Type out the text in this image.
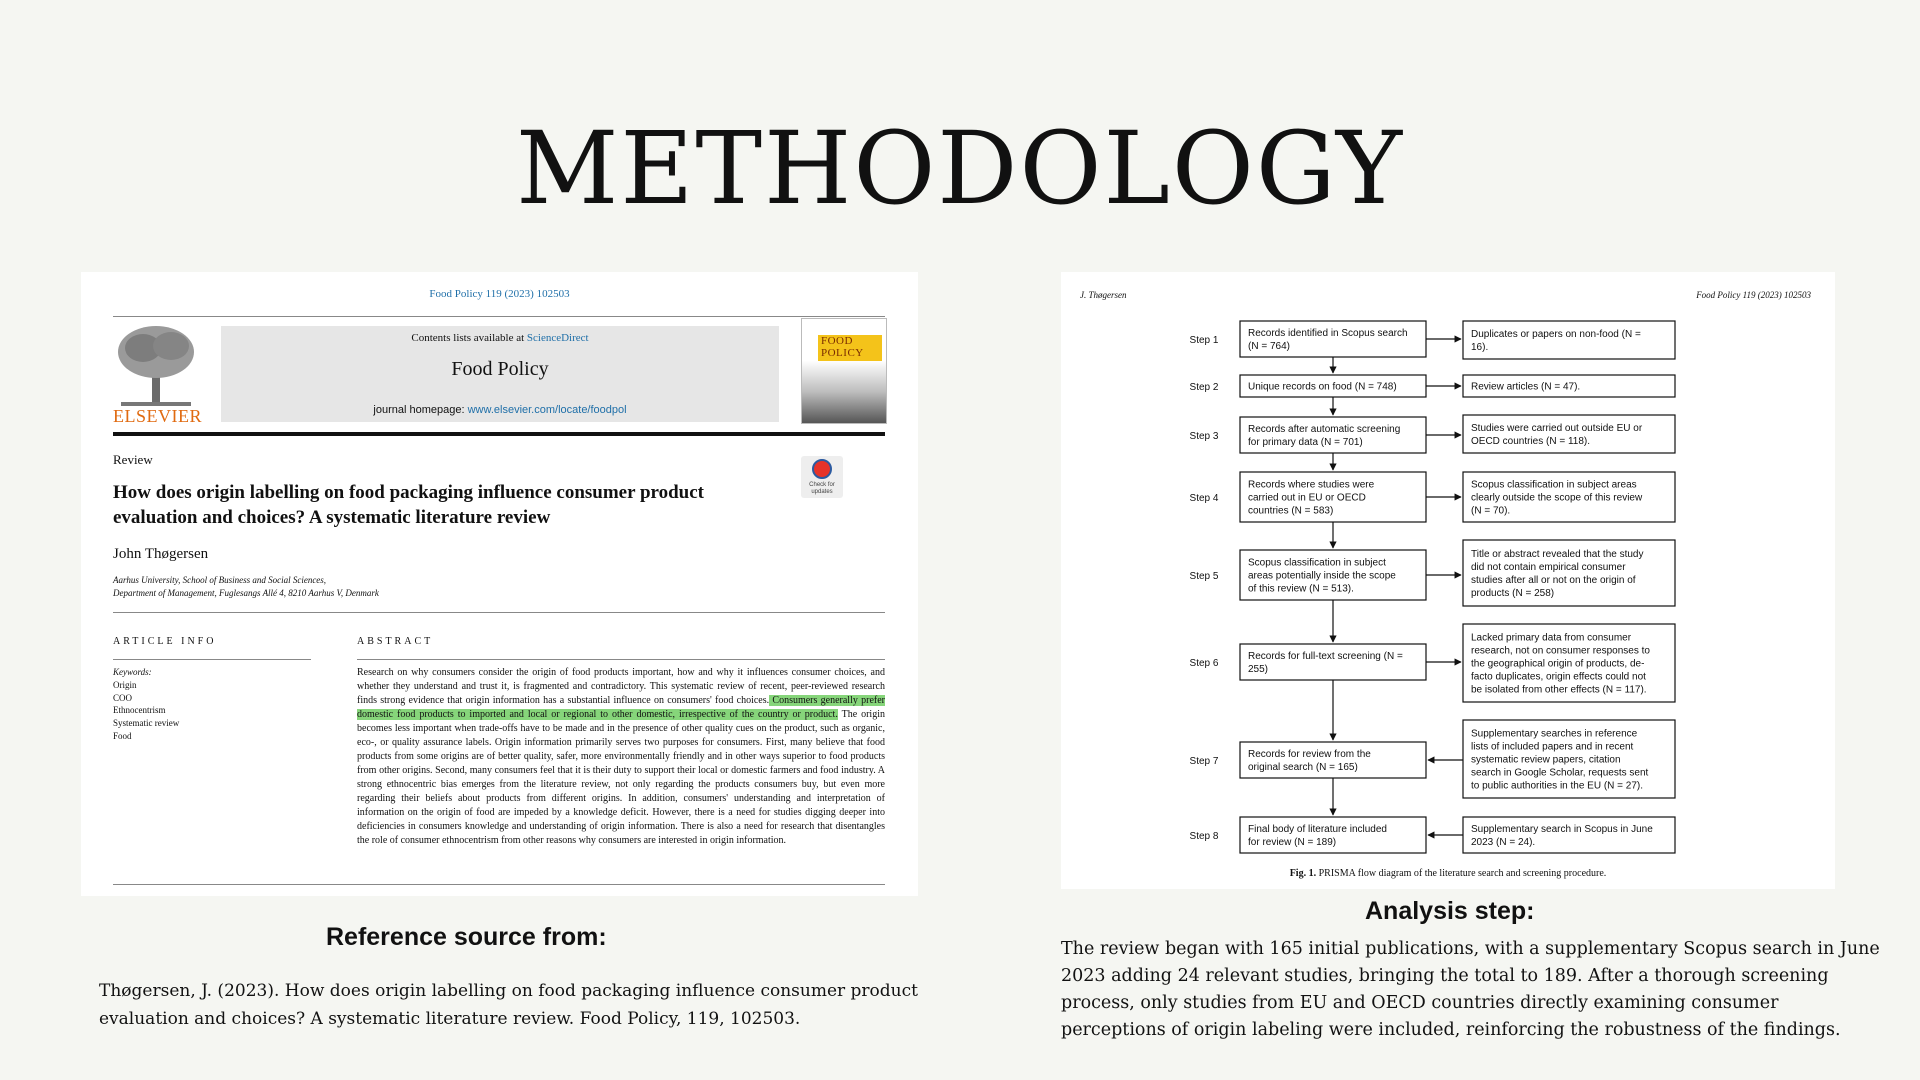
METHODOLOGY
Food Policy 119 (2023) 102503
ELSEVIER
Contents lists available at ScienceDirect
Food Policy
journal homepage: www.elsevier.com/locate/foodpol
FOOD
POLICY
Review
How does origin labelling on food packaging influence consumer product evaluation and choices? A systematic literature review
Check for updates
John Thøgersen
Aarhus University, School of Business and Social Sciences,
Department of Management, Fuglesangs Allé 4, 8210 Aarhus V, Denmark
ARTICLE INFO	ABSTRACT
Keywords:
Origin
COO
Ethnocentrism
Systematic review
Food
Research on why consumers consider the origin of food products important, how and why it influences consumer choices, and whether they understand and trust it, is fragmented and contradictory. This systematic review of recent, peer-reviewed research finds strong evidence that origin information has a substantial influence on consumers' food choices. Consumers generally prefer domestic food products to imported and local or regional to other domestic, irrespective of the country or product. The origin becomes less important when trade-offs have to be made and in the presence of other quality cues on the product, such as organic, eco-, or quality assurance labels. Origin information primarily serves two purposes for consumers. First, many believe that food products from some origins are of better quality, safer, more environmentally friendly and in other ways superior to food products from other origins. Second, many consumers feel that it is their duty to support their local or domestic farmers and food industry. A strong ethnocentric bias emerges from the literature review, not only regarding the products consumers buy, but even more regarding their beliefs about products from different origins. In addition, consumers' understanding and interpretation of information on the origin of food are impeded by a knowledge deficit. However, there is a need for studies digging deeper into deficiencies in consumers knowledge and understanding of origin information. There is also a need for research that disentangles the role of consumer ethnocentrism from other reasons why consumers are interested in origin information.
J. Thøgersen	Food Policy 119 (2023) 102503
Step 1
Records identified in Scopus search
(N = 764)
Duplicates or papers on non-food (N =
16).
Step 2	Unique records on food (N = 748)	Review articles (N = 47).
Step 3
Records after automatic screening
for primary data (N = 701)
Studies were carried out outside EU or
OECD countries (N = 118).
Step 4
Records where studies were
carried out in EU or OECD
countries (N = 583)
Scopus classification in subject areas
clearly outside the scope of this review
(N = 70).
Step 5
Scopus classification in subject
areas potentially inside the scope
of this review (N = 513).
Title or abstract revealed that the study
did not contain empirical consumer
studies after all or not on the origin of
products (N = 258)
Step 6
Records for full-text screening (N =
255)
Lacked primary data from consumer
research, not on consumer responses to
the geographical origin of products, de-
facto duplicates, origin effects could not
be isolated from other effects (N = 117).
Step 7
Records for review from the
original search (N = 165)
Supplementary searches in reference
lists of included papers and in recent
systematic review papers, citation
search in Google Scholar, requests sent
to public authorities in the EU (N = 27).
Step 8
Final body of literature included
for review (N = 189)
Supplementary search in Scopus in June
2023 (N = 24).
Fig. 1. PRISMA flow diagram of the literature search and screening procedure.
Reference source from:
Thøgersen, J. (2023). How does origin labelling on food packaging influence consumer product evaluation and choices? A systematic literature review. Food Policy, 119, 102503.
Analysis step:
The review began with 165 initial publications, with a supplementary Scopus search in June 2023 adding 24 relevant studies, bringing the total to 189. After a thorough screening process, only studies from EU and OECD countries directly examining consumer perceptions of origin labeling were included, reinforcing the robustness of the findings.
